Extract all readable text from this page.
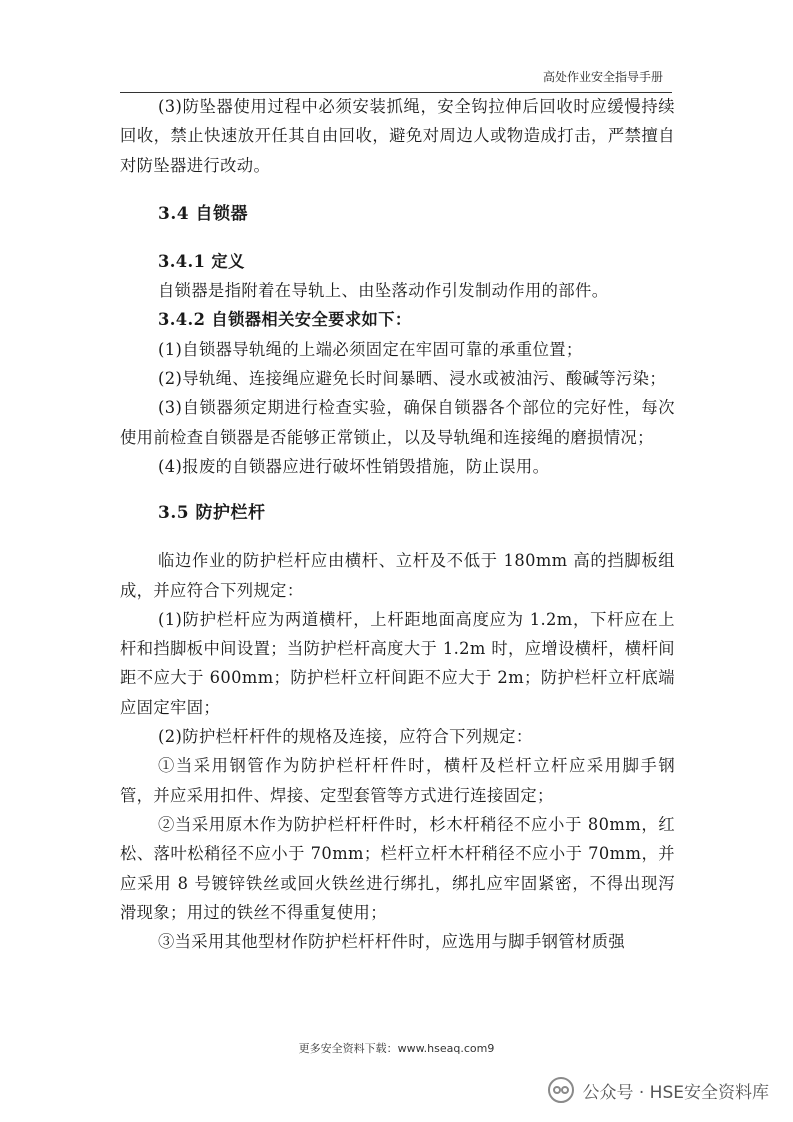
高处作业安全指导手册

(3)防坠器使用过程中必须安装抓绳，安全钩拉伸后回收时应缓慢持续回收，禁止快速放开任其自由回收，避免对周边人或物造成打击，严禁擅自对防坠器进行改动。

3.4 自锁器
3.4.1 定义

自锁器是指附着在导轨上、由坠落动作引发制动作用的部件。

3.4.2 自锁器相关安全要求如下：

(1)自锁器导轨绳的上端必须固定在牢固可靠的承重位置；

(2)导轨绳、连接绳应避免长时间暴晒、浸水或被油污、酸碱等污染；

(3)自锁器须定期进行检查实验，确保自锁器各个部位的完好性，每次使用前检查自锁器是否能够正常锁止，以及导轨绳和连接绳的磨损情况；

(4)报废的自锁器应进行破坏性销毁措施，防止误用。

3.5 防护栏杆

临边作业的防护栏杆应由横杆、立杆及不低于 180mm 高的挡脚板组成，并应符合下列规定：

(1)防护栏杆应为两道横杆，上杆距地面高度应为 1.2m，下杆应在上杆和挡脚板中间设置；当防护栏杆高度大于 1.2m 时，应增设横杆，横杆间距不应大于 600mm；防护栏杆立杆间距不应大于 2m；防护栏杆立杆底端应固定牢固；

(2)防护栏杆杆件的规格及连接，应符合下列规定：

①当采用钢管作为防护栏杆杆件时，横杆及栏杆立杆应采用脚手钢管，并应采用扣件、焊接、定型套管等方式进行连接固定；

②当采用原木作为防护栏杆杆件时，杉木杆稍径不应小于 80mm，红松、落叶松稍径不应小于 70mm；栏杆立杆木杆稍径不应小于 70mm，并应采用 8 号镀锌铁丝或回火铁丝进行绑扎，绑扎应牢固紧密，不得出现泻滑现象；用过的铁丝不得重复使用；

③当采用其他型材作防护栏杆杆件时，应选用与脚手钢管材质强

更多安全资料下载：www.hseaq.com9
公众号 · HSE安全资料库
